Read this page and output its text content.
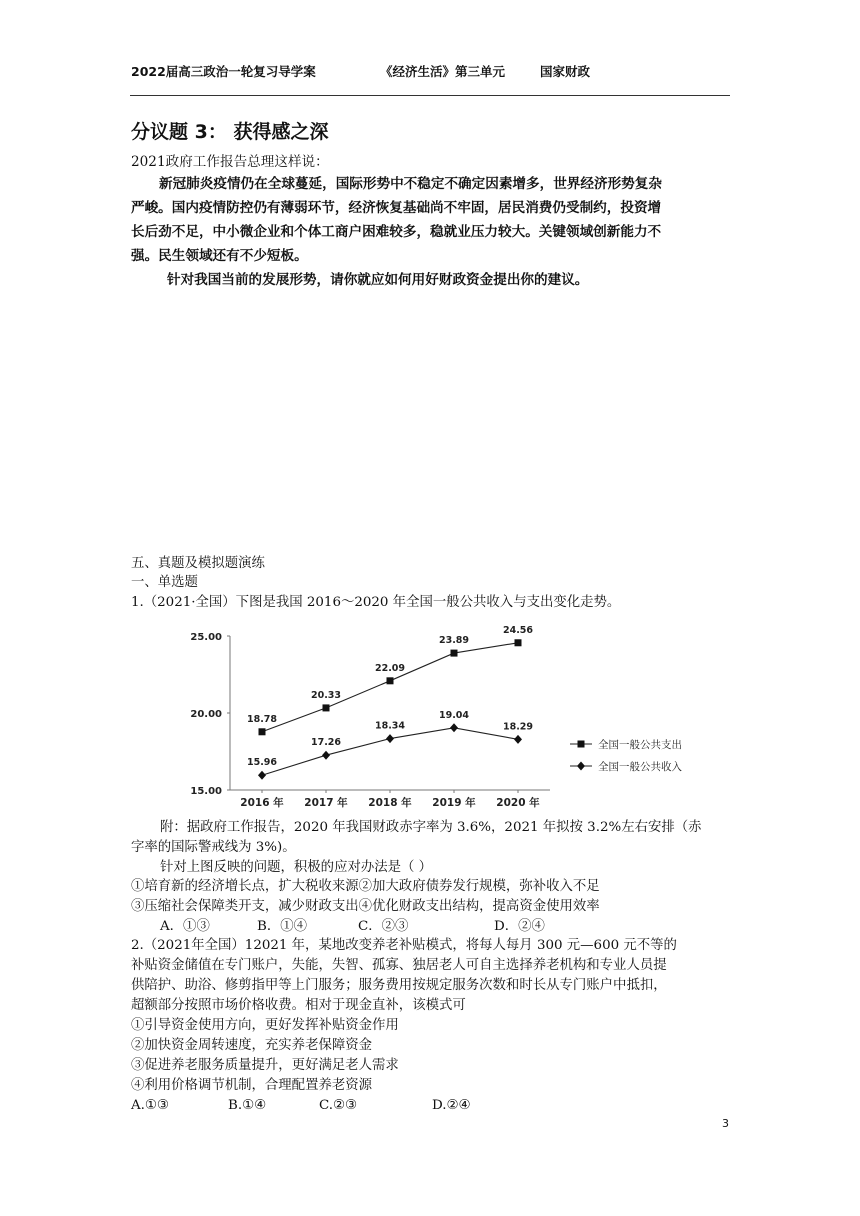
2022届高三政治一轮复习导学案	《经济生活》第三单元	国家财政
分议题 3： 获得感之深
2021政府工作报告总理这样说：
新冠肺炎疫情仍在全球蔓延，国际形势中不稳定不确定因素增多，世界经济形势复杂
严峻。国内疫情防控仍有薄弱环节，经济恢复基础尚不牢固，居民消费仍受制约，投资增
长后劲不足，中小微企业和个体工商户困难较多，稳就业压力较大。关键领域创新能力不
强。民生领域还有不少短板。
针对我国当前的发展形势，请你就应如何用好财政资金提出你的建议。
五、真题及模拟题演练
一、单选题
1.（2021·全国）下图是我国 2016～2020 年全国一般公共收入与支出变化走势。
25.00
20.00
15.00
2016 年 2017 年 2018 年 2019 年 2020 年
18.78
20.33
22.09
23.89
24.56
全国一般公共支出
15.96
17.26
18.34
19.04
18.29
全国一般公共收入
附：据政府工作报告，2020 年我国财政赤字率为 3.6%，2021 年拟按 3.2%左右安排（赤
字率的国际警戒线为 3%)。
针对上图反映的问题，积极的应对办法是（ ）
①培育新的经济增长点，扩大税收来源②加大政府债券发行规模，弥补收入不足
③压缩社会保障类开支，减少财政支出④优化财政支出结构，提高资金使用效率
A．①③	B．①④	C．②③	D．②④
2.（2021年全国）12021 年，某地改变养老补贴模式，将每人每月 300 元—600 元不等的
补贴资金储值在专门账户，失能，失智、孤寡、独居老人可自主选择养老机构和专业人员提
供陪护、助浴、修剪指甲等上门服务；服务费用按规定服务次数和时长从专门账户中抵扣，
超额部分按照市场价格收费。相对于现金直补，该模式可
①引导资金使用方向，更好发挥补贴资金作用
②加快资金周转速度，充实养老保障资金
③促进养老服务质量提升，更好满足老人需求
④利用价格调节机制，合理配置养老资源
A.①③	B.①④	C.②③	D.②④
3
